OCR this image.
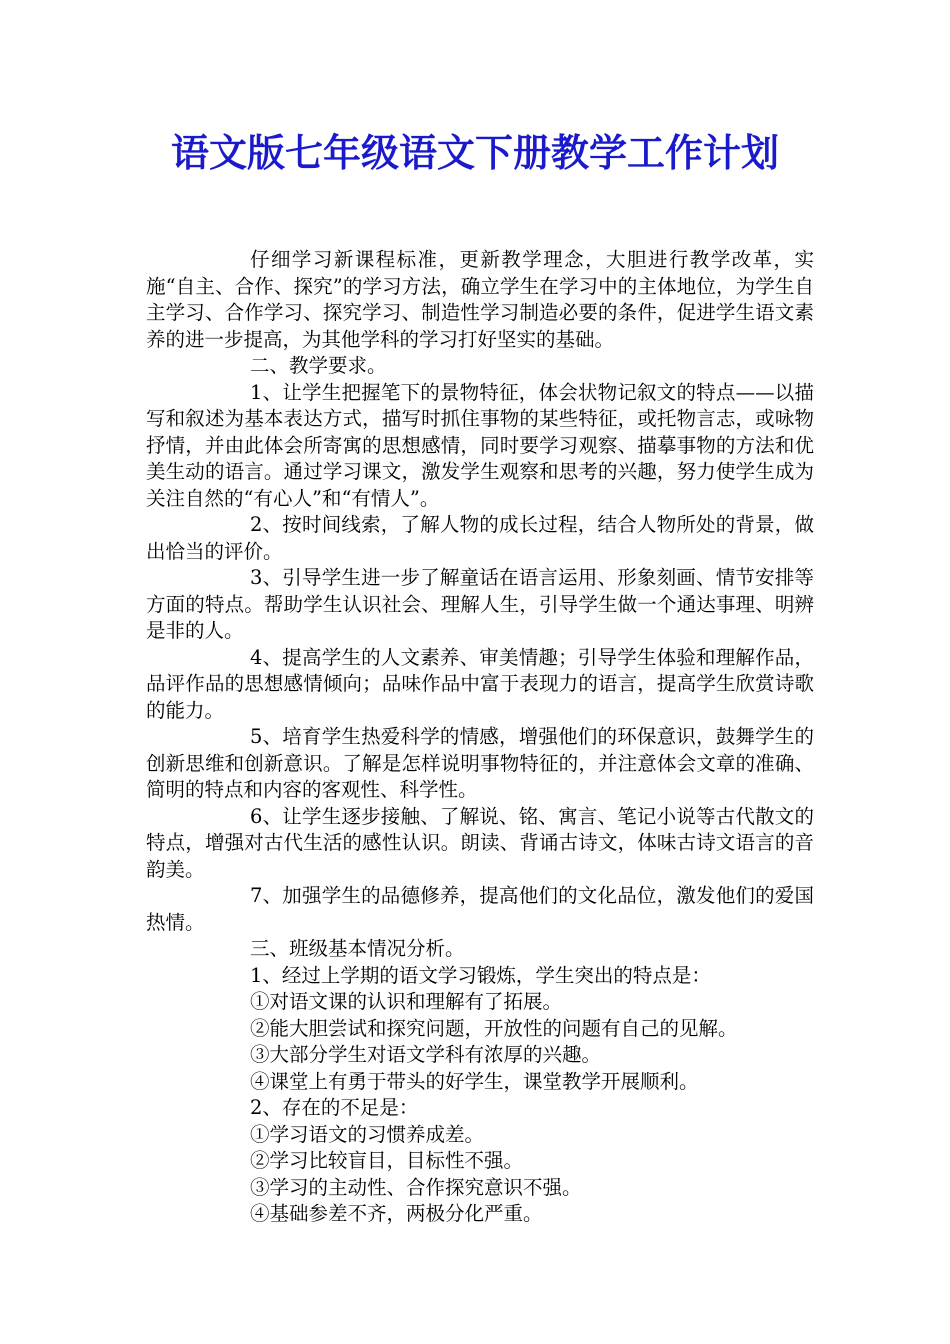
语文版七年级语文下册教学工作计划

仔细学习新课程标准，更新教学理念，大胆进行教学改革，实施“自主、合作、探究”的学习方法，确立学生在学习中的主体地位，为学生自主学习、合作学习、探究学习、制造性学习制造必要的条件，促进学生语文素养的进一步提高，为其他学科的学习打好坚实的基础。

二、教学要求。

1、让学生把握笔下的景物特征，体会状物记叙文的特点——以描写和叙述为基本表达方式，描写时抓住事物的某些特征，或托物言志，或咏物抒情，并由此体会所寄寓的思想感情，同时要学习观察、描摹事物的方法和优美生动的语言。通过学习课文，激发学生观察和思考的兴趣，努力使学生成为关注自然的“有心人”和“有情人”。

2、按时间线索，了解人物的成长过程，结合人物所处的背景，做出恰当的评价。

3、引导学生进一步了解童话在语言运用、形象刻画、情节安排等方面的特点。帮助学生认识社会、理解人生，引导学生做一个通达事理、明辨是非的人。

4、提高学生的人文素养、审美情趣；引导学生体验和理解作品，品评作品的思想感情倾向；品味作品中富于表现力的语言，提高学生欣赏诗歌的能力。

5、培育学生热爱科学的情感，增强他们的环保意识，鼓舞学生的创新思维和创新意识。了解是怎样说明事物特征的，并注意体会文章的准确、简明的特点和内容的客观性、科学性。

6、让学生逐步接触、了解说、铭、寓言、笔记小说等古代散文的特点，增强对古代生活的感性认识。朗读、背诵古诗文，体味古诗文语言的音韵美。

7、加强学生的品德修养，提高他们的文化品位，激发他们的爱国热情。

三、班级基本情况分析。

1、经过上学期的语文学习锻炼，学生突出的特点是：
①对语文课的认识和理解有了拓展。
②能大胆尝试和探究问题，开放性的问题有自己的见解。
③大部分学生对语文学科有浓厚的兴趣。
④课堂上有勇于带头的好学生，课堂教学开展顺利。
2、存在的不足是：
①学习语文的习惯养成差。
②学习比较盲目，目标性不强。
③学习的主动性、合作探究意识不强。
④基础参差不齐，两极分化严重。
